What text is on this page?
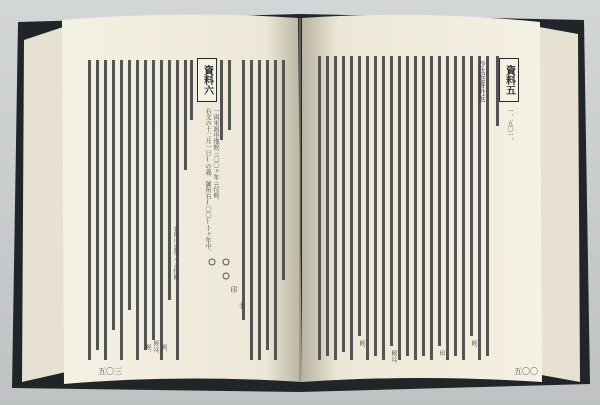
資料六	資料五
沙汰返書外返
五〇三	五〇〇
右文の十二月一日(の義、御所右(〇〇)十ヶ年中、 一両米渡申地候三〇〇ヶ年ニ付候、
右所中諸年々ニ付候、
候、
候は、
候、
印
七
一、五〇一、
候、
候は、
候、
印
